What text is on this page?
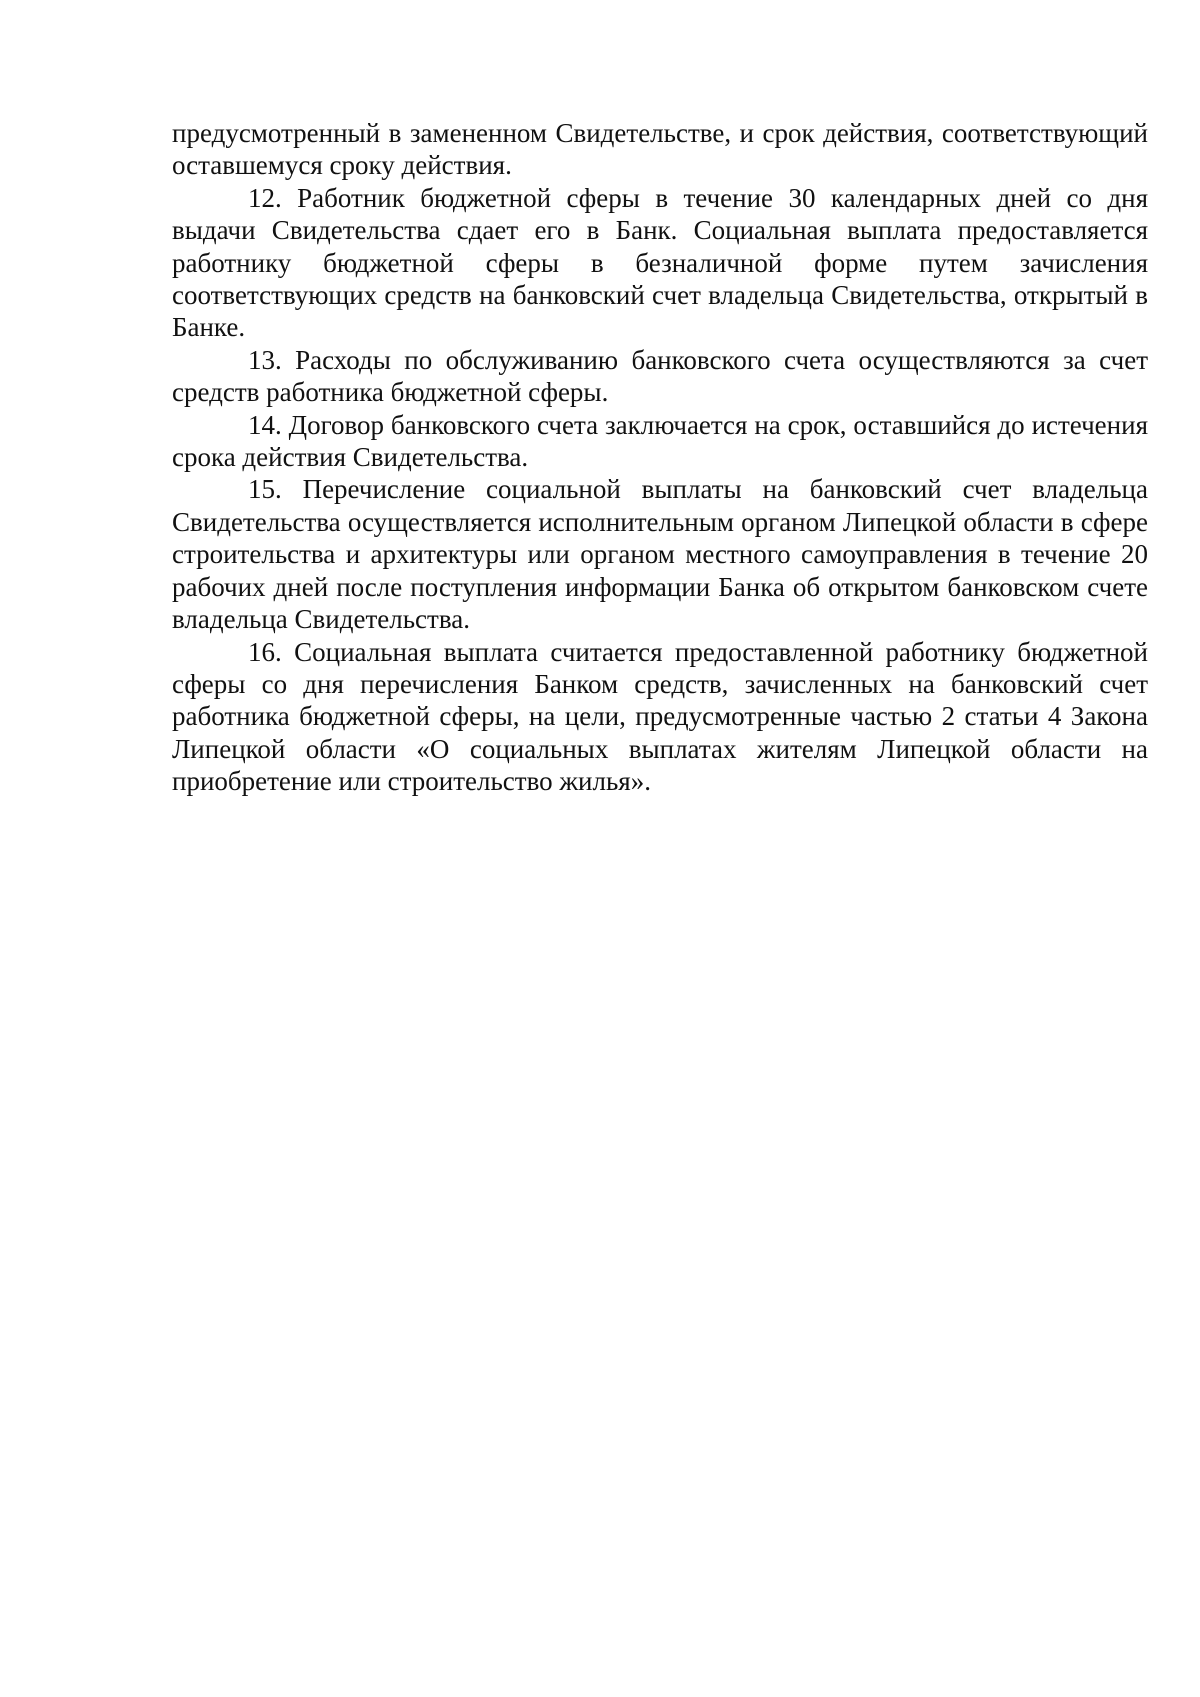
предусмотренный в замененном Свидетельстве, и срок действия, соответствующий оставшемуся сроку действия.

12. Работник бюджетной сферы в течение 30 календарных дней со дня выдачи Свидетельства сдает его в Банк. Социальная выплата предоставляется работнику бюджетной сферы в безналичной форме путем зачисления соответствующих средств на банковский счет владельца Свидетельства, открытый в Банке.

13. Расходы по обслуживанию банковского счета осуществляются за счет средств работника бюджетной сферы.

14. Договор банковского счета заключается на срок, оставшийся до истечения срока действия Свидетельства.

15. Перечисление социальной выплаты на банковский счет владельца Свидетельства осуществляется исполнительным органом Липецкой области в сфере строительства и архитектуры или органом местного самоуправления в течение 20 рабочих дней после поступления информации Банка об открытом банковском счете владельца Свидетельства.

16. Социальная выплата считается предоставленной работнику бюджетной сферы со дня перечисления Банком средств, зачисленных на банковский счет работника бюджетной сферы, на цели, предусмотренные частью 2 статьи 4 Закона Липецкой области «О социальных выплатах жителям Липецкой области на приобретение или строительство жилья».
